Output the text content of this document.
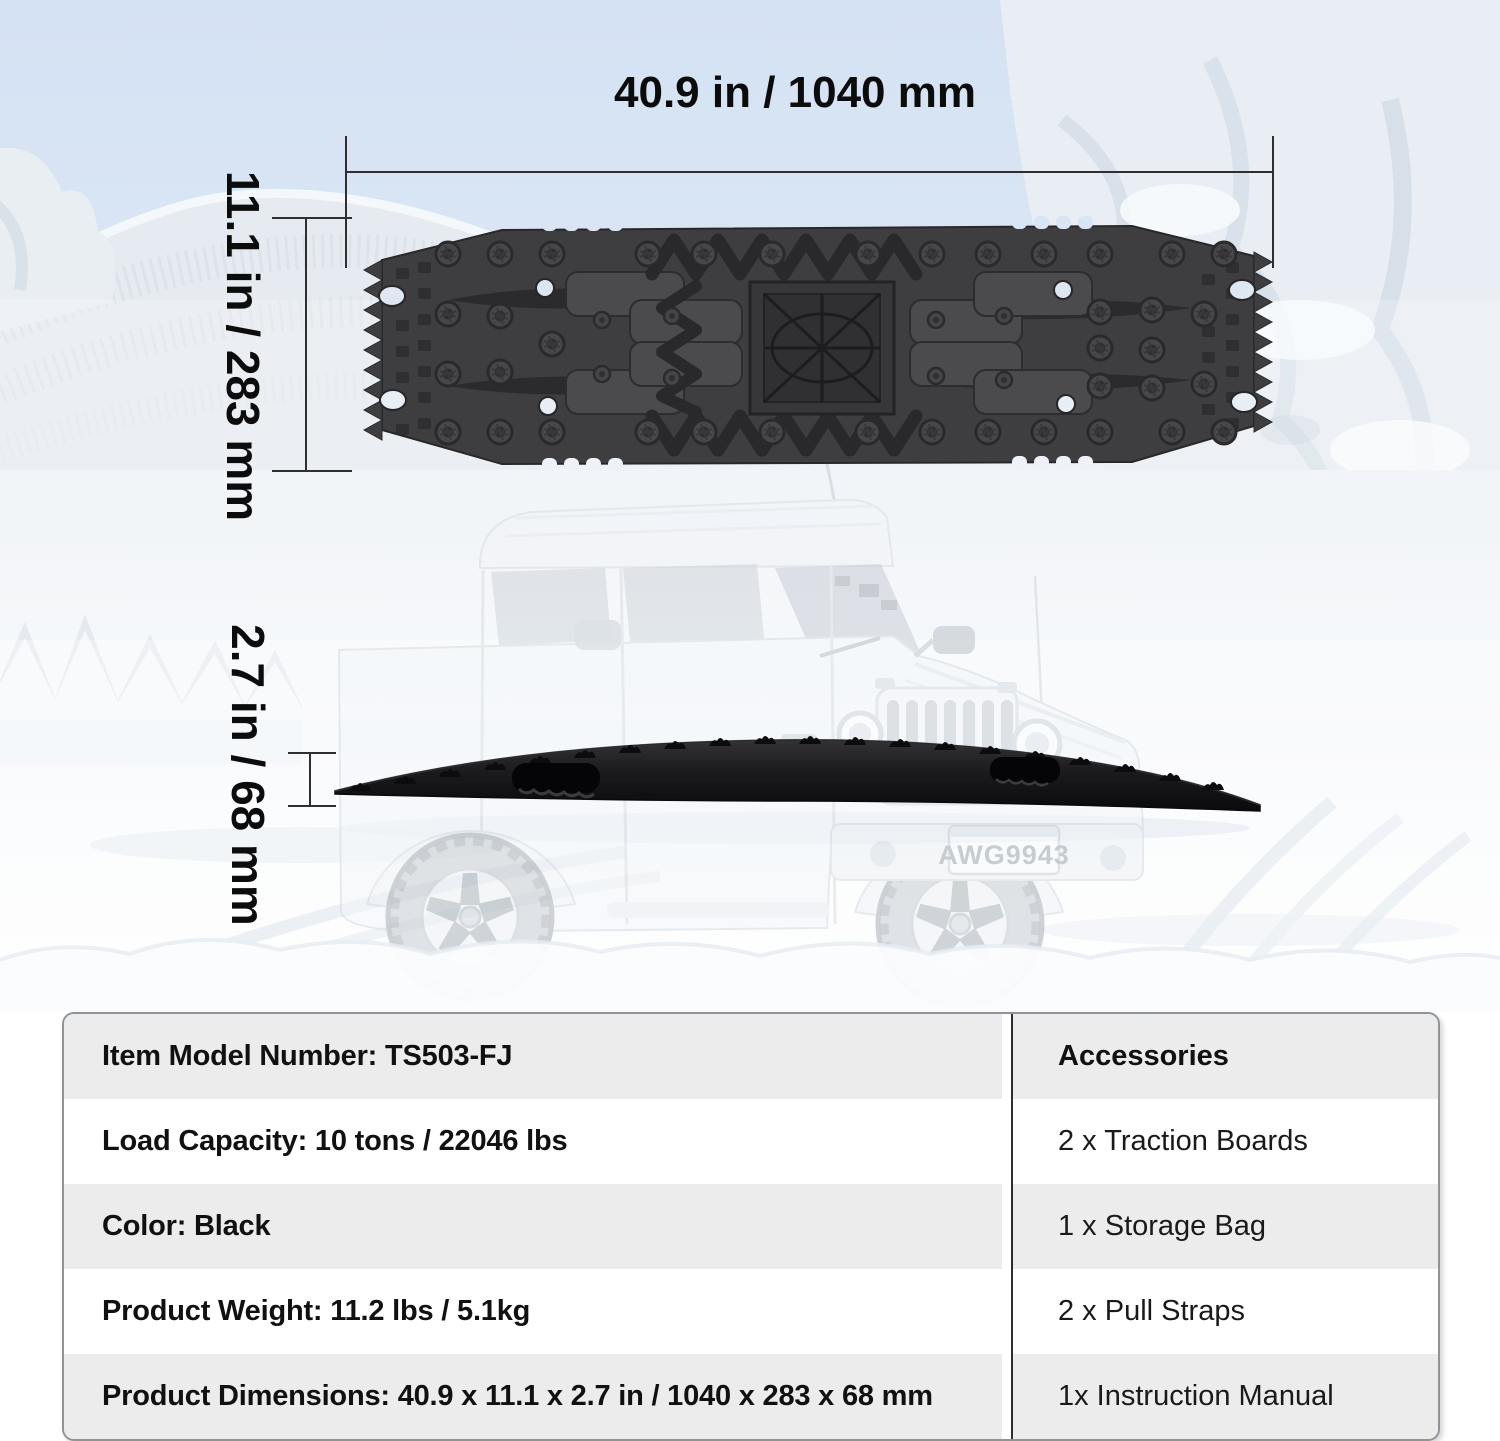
AWG9943
40.9 in / 1040 mm
11.1 in / 283 mm
2.7 in / 68 mm
Item Model Number: TS503-FJ	Accessories
Load Capacity: 10 tons / 22046 lbs	2 x Traction Boards
Color: Black	1 x Storage Bag
Product Weight: 11.2 lbs / 5.1kg	2 x Pull Straps
Product Dimensions: 40.9 x 11.1 x 2.7 in / 1040 x 283 x 68 mm	1x Instruction Manual
